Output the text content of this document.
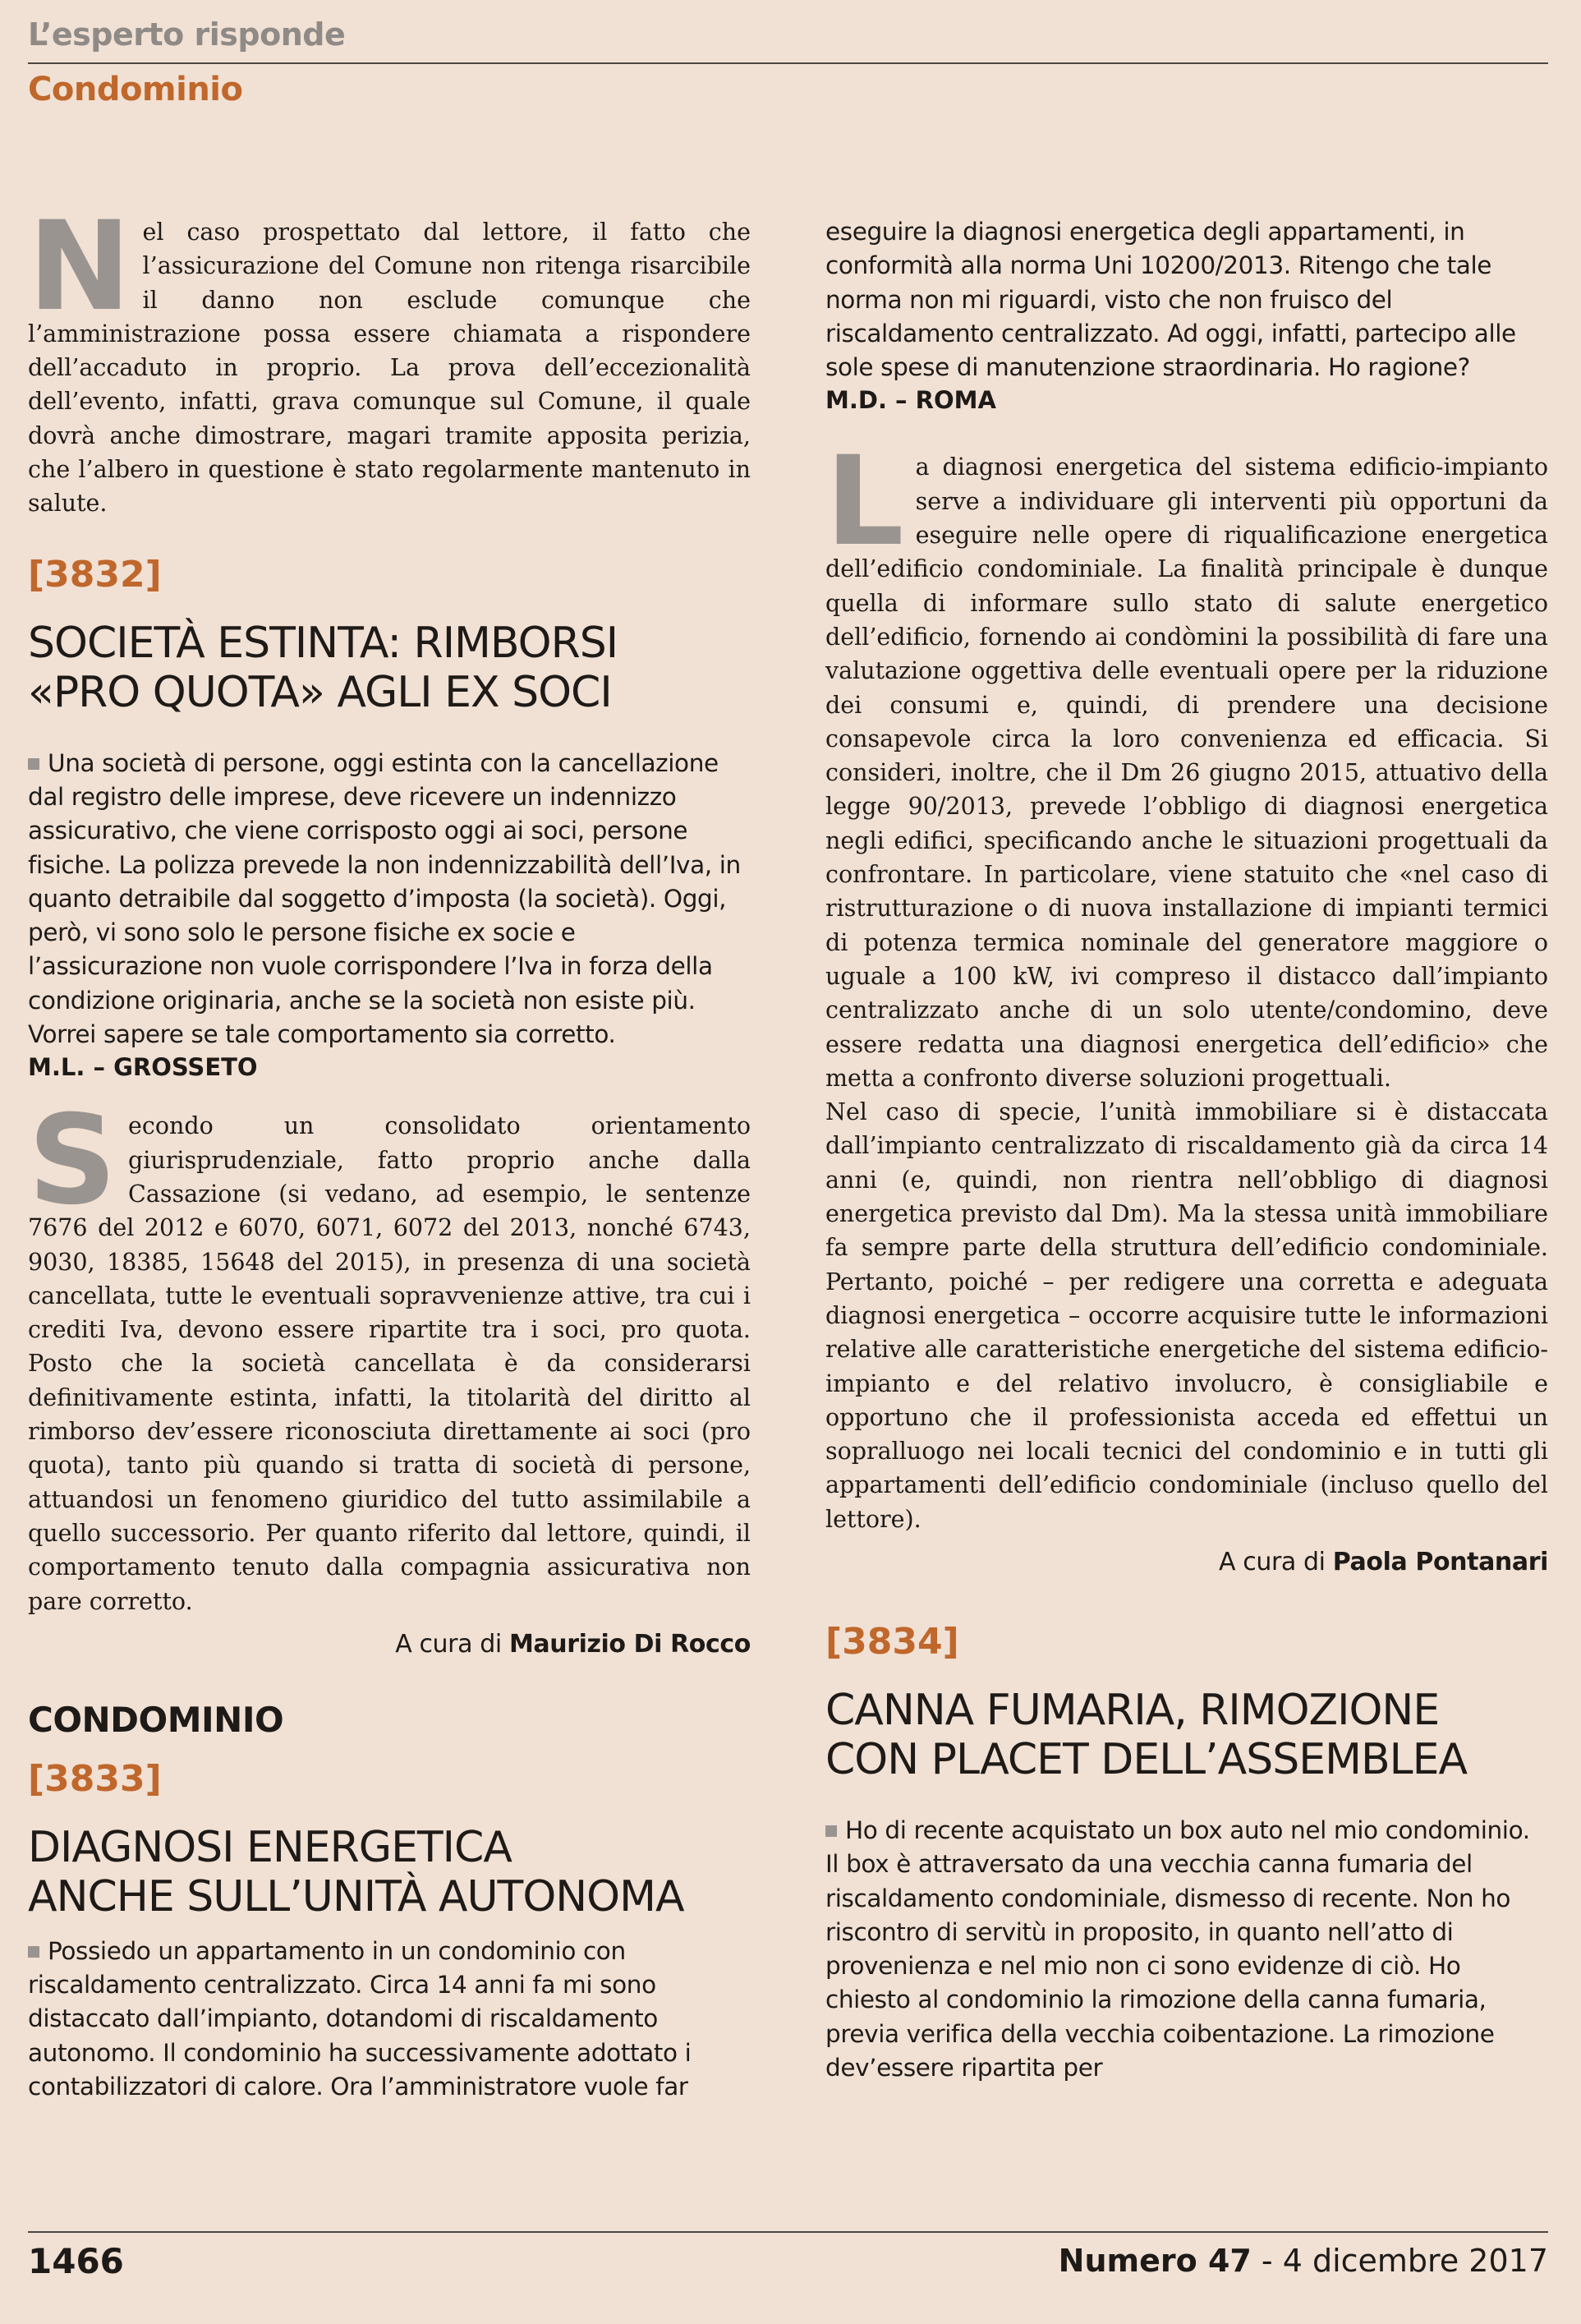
L’esperto risponde
Condominio
N el caso prospettato dal lettore, il fatto che l’assicurazione del Comune non ritenga risarcibile il danno non esclude comunque che l’amministrazione possa essere chiamata a rispondere dell’accaduto in proprio. La prova dell’eccezionalità dell’evento, infatti, grava comunque sul Comune, il quale dovrà anche dimostrare, magari tramite apposita perizia, che l’albero in questione è stato regolarmente mantenuto in salute.
[3832]
SOCIETÀ ESTINTA: RIMBORSI
«PRO QUOTA» AGLI EX SOCI
Una società di persone, oggi estinta con la cancellazione dal registro delle imprese, deve ricevere un indennizzo assicurativo, che viene corrisposto oggi ai soci, persone fisiche. La polizza prevede la non indennizzabilità dell’Iva, in quanto detraibile dal soggetto d’imposta (la società). Oggi, però, vi sono solo le persone fisiche ex socie e l’assicurazione non vuole corrispondere l’Iva in forza della condizione originaria, anche se la società non esiste più. Vorrei sapere se tale comportamento sia corretto.
M.L. – GROSSETO
S econdo un consolidato orientamento giurisprudenziale, fatto proprio anche dalla Cassazione (si vedano, ad esempio, le sentenze 7676 del 2012 e 6070, 6071, 6072 del 2013, nonché 6743, 9030, 18385, 15648 del 2015), in presenza di una società cancellata, tutte le eventuali sopravvenienze attive, tra cui i crediti Iva, devono essere ripartite tra i soci, pro quota. Posto che la società cancellata è da considerarsi definitivamente estinta, infatti, la titolarità del diritto al rimborso dev’essere riconosciuta direttamente ai soci (pro quota), tanto più quando si tratta di società di persone, attuandosi un fenomeno giuridico del tutto assimilabile a quello successorio. Per quanto riferito dal lettore, quindi, il comportamento tenuto dalla compagnia assicurativa non pare corretto.
A cura di Maurizio Di Rocco
CONDOMINIO
[3833]
DIAGNOSI ENERGETICA
ANCHE SULL’UNITÀ AUTONOMA
Possiedo un appartamento in un condominio con riscaldamento centralizzato. Circa 14 anni fa mi sono distaccato dall’impianto, dotandomi di riscaldamento autonomo. Il condominio ha successivamente adottato i contabilizzatori di calore. Ora l’amministratore vuole far
eseguire la diagnosi energetica degli appartamenti, in conformità alla norma Uni 10200/2013. Ritengo che tale norma non mi riguardi, visto che non fruisco del riscaldamento centralizzato. Ad oggi, infatti, partecipo alle sole spese di manutenzione straordinaria. Ho ragione?
M.D. – ROMA

La diagnosi energetica del sistema edificio-impianto serve a individuare gli interventi più opportuni da eseguire nelle opere di riqualificazione energetica dell’edificio condominiale. La finalità principale è dunque quella di informare sullo stato di salute energetico dell’edificio, fornendo ai condòmini la possibilità di fare una valutazione oggettiva delle eventuali opere per la riduzione dei consumi e, quindi, di prendere una decisione consapevole circa la loro convenienza ed efficacia. Si consideri, inoltre, che il Dm 26 giugno 2015, attuativo della legge 90/2013, prevede l’obbligo di diagnosi energetica negli edifici, specificando anche le situazioni progettuali da confrontare. In particolare, viene statuito che «nel caso di ristrutturazione o di nuova installazione di impianti termici di potenza termica nominale del generatore maggiore o uguale a 100 kW, ivi compreso il distacco dall’impianto centralizzato anche di un solo utente/condomino, deve essere redatta una diagnosi energetica dell’edificio» che metta a confronto diverse soluzioni progettuali.

Nel caso di specie, l’unità immobiliare si è distaccata dall’impianto centralizzato di riscaldamento già da circa 14 anni (e, quindi, non rientra nell’obbligo di diagnosi energetica previsto dal Dm). Ma la stessa unità immobiliare fa sempre parte della struttura dell’edificio condominiale. Pertanto, poiché – per redigere una corretta e adeguata diagnosi energetica – occorre acquisire tutte le informazioni relative alle caratteristiche energetiche del sistema edificio-impianto e del relativo involucro, è consigliabile e opportuno che il professionista acceda ed effettui un sopralluogo nei locali tecnici del condominio e in tutti gli appartamenti dell’edificio condominiale (incluso quello del lettore).

A cura di Paola Pontanari
[3834]
CANNA FUMARIA, RIMOZIONE
CON PLACET DELL’ASSEMBLEA
Ho di recente acquistato un box auto nel mio condominio. Il box è attraversato da una vecchia canna fumaria del riscaldamento condominiale, dismesso di recente. Non ho riscontro di servitù in proposito, in quanto nell’atto di provenienza e nel mio non ci sono evidenze di ciò. Ho chiesto al condominio la rimozione della canna fumaria, previa verifica della vecchia coibentazione. La rimozione dev’essere ripartita per
1466	Numero 47 - 4 dicembre 2017
